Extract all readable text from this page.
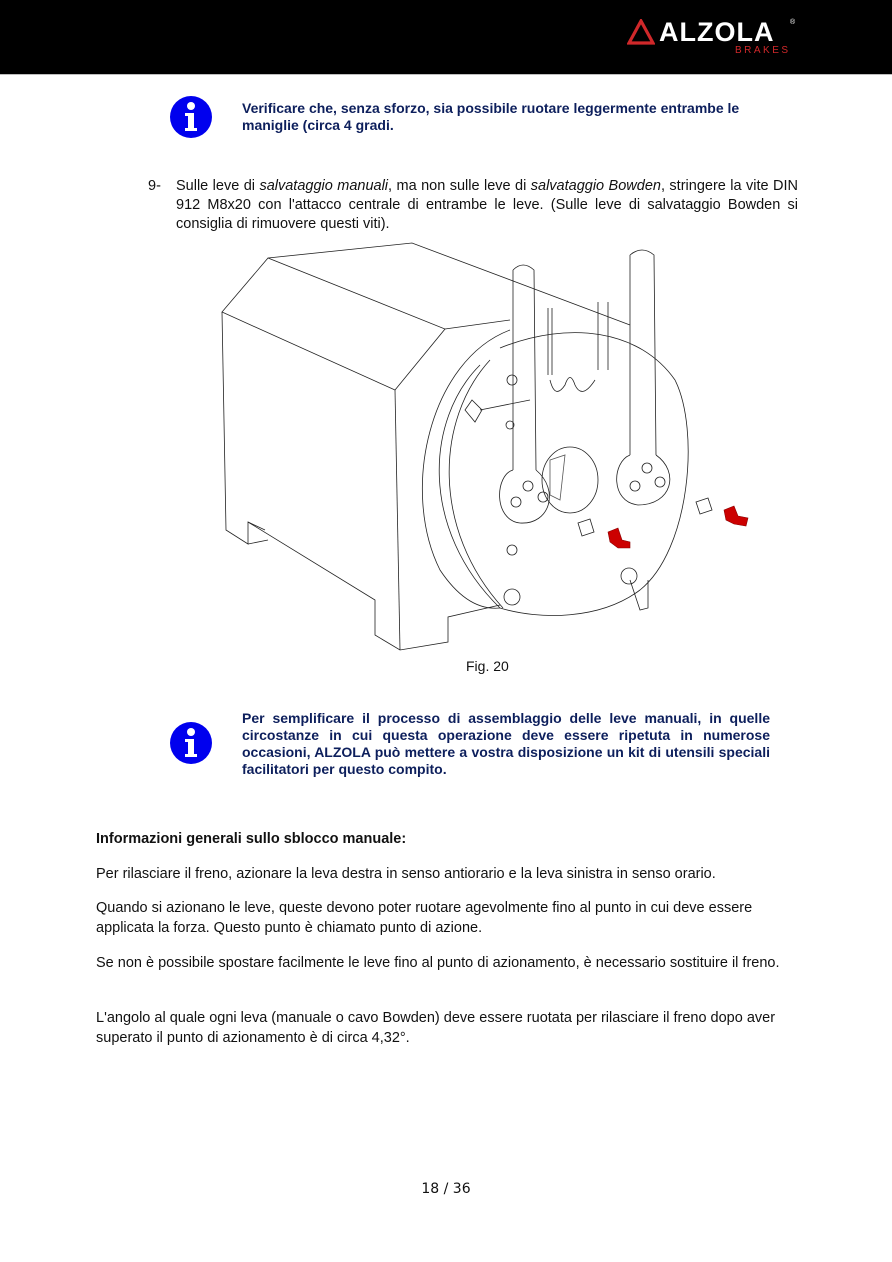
ALZOLA ®
BRAKES
Verificare che, senza sforzo, sia possibile ruotare leggermente entrambe le maniglie (circa 4 gradi.
9- Sulle leve di salvataggio manuali, ma non sulle leve di salvataggio Bowden, stringere la vite DIN 912 M8x20 con l'attacco centrale di entrambe le leve. (Sulle leve di salvataggio Bowden si consiglia di rimuovere questi viti).
Fig. 20
Per semplificare il processo di assemblaggio delle leve manuali, in quelle circostanze in cui questa operazione deve essere ripetuta in numerose occasioni, ALZOLA può mettere a vostra disposizione un kit di utensili speciali facilitatori per questo compito.
Informazioni generali sullo sblocco manuale:
Per rilasciare il freno, azionare la leva destra in senso antiorario e la leva sinistra in senso orario.
Quando si azionano le leve, queste devono poter ruotare agevolmente fino al punto in cui deve essere applicata la forza. Questo punto è chiamato punto di azione.
Se non è possibile spostare facilmente le leve fino al punto di azionamento, è necessario sostituire il freno.
L'angolo al quale ogni leva (manuale o cavo Bowden) deve essere ruotata per rilasciare il freno dopo aver superato il punto di azionamento è di circa 4,32°.
18 / 36
